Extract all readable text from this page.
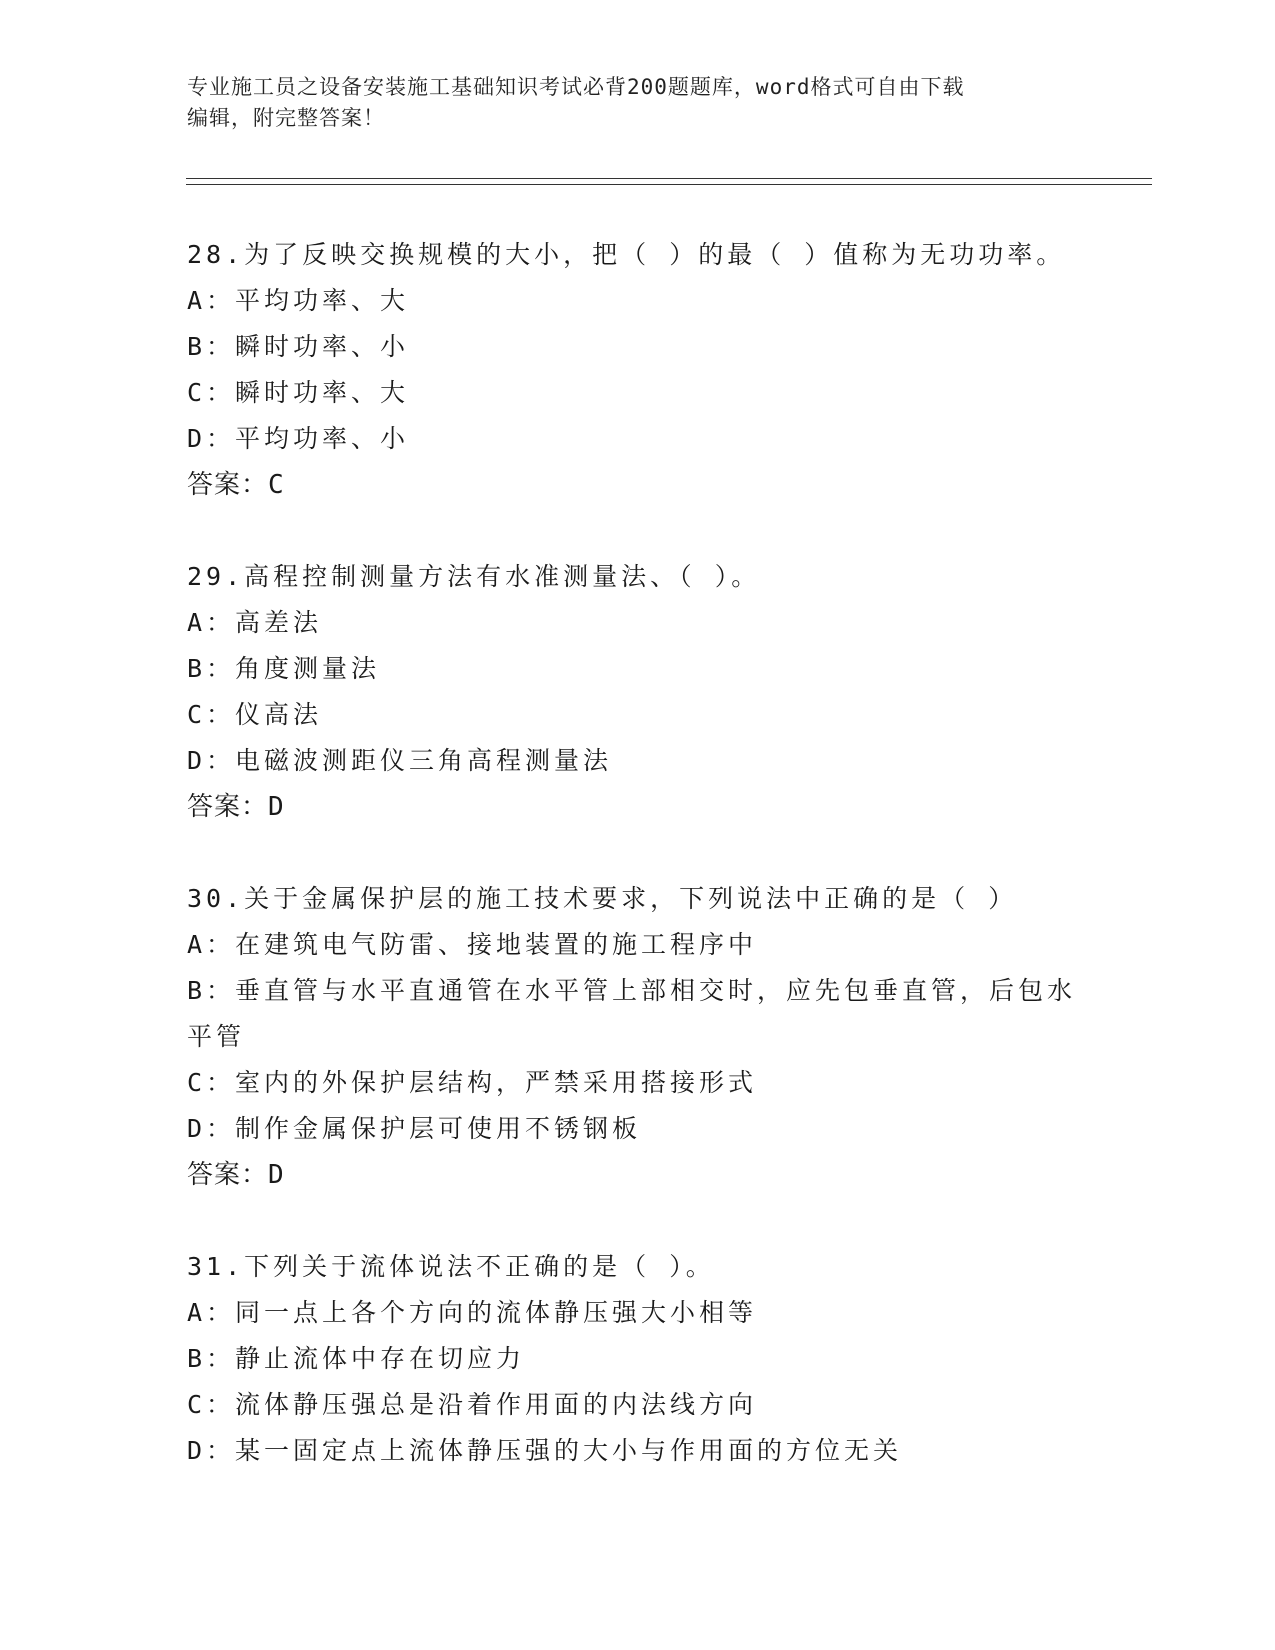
专业施工员之设备安装施工基础知识考试必背200题题库，word格式可自由下载
编辑，附完整答案！
28.为了反映交换规模的大小，把（ ）的最（ ）值称为无功功率。
A：平均功率、大
B：瞬时功率、小
C：瞬时功率、大
D：平均功率、小
答案：C
29.高程控制测量方法有水准测量法、（ ）。
A：高差法
B：角度测量法
C：仪高法
D：电磁波测距仪三角高程测量法
答案：D
30.关于金属保护层的施工技术要求，下列说法中正确的是（ ）
A：在建筑电气防雷、接地装置的施工程序中
B：垂直管与水平直通管在水平管上部相交时，应先包垂直管，后包水平管
C：室内的外保护层结构，严禁采用搭接形式
D：制作金属保护层可使用不锈钢板
答案：D
31.下列关于流体说法不正确的是（ ）。
A：同一点上各个方向的流体静压强大小相等
B：静止流体中存在切应力
C：流体静压强总是沿着作用面的内法线方向
D：某一固定点上流体静压强的大小与作用面的方位无关
